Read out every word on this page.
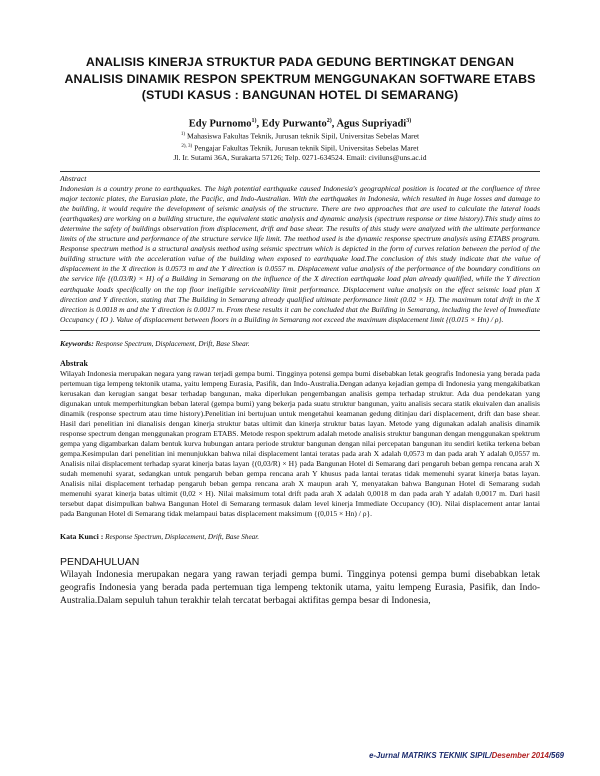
ANALISIS KINERJA STRUKTUR PADA GEDUNG BERTINGKAT DENGAN ANALISIS DINAMIK RESPON SPEKTRUM MENGGUNAKAN SOFTWARE ETABS (STUDI KASUS : BANGUNAN HOTEL DI SEMARANG)
Edy Purnomo$^{1)}$, Edy Purwanto$^{2)}$, Agus Supriyadi$^{3)}$
$^{1)}$ Mahasiswa Fakultas Teknik, Jurusan teknik Sipil, Universitas Sebelas Maret
$^{2), 3)}$ Pengajar Fakultas Teknik, Jurusan teknik Sipil, Universitas Sebelas Maret
Jl. Ir. Sutami 36A, Surakarta 57126; Telp. 0271-634524. Email: civiluns@uns.ac.id
Abstract

Indonesian is a country prone to earthquakes. The high potential earthquake caused Indonesia's geographical position is located at the confluence of three major tectonic plates, the Eurasian plate, the Pacific, and Indo-Australian. With the earthquakes in Indonesia, which resulted in huge losses and damage to the building, it would require the development of seismic analysis of the structure. There are two approaches that are used to calculate the lateral loads (earthquakes) are working on a building structure, the equivalent static analysis and dynamic analysis (spectrum response or time history).This study aims to determine the safety of buildings observation from displacement, drift and base shear. The results of this study were analyzed with the ultimate performance limits of the structure and performance of the structure service life limit. The method used is the dynamic response spectrum analysis using ETABS program. Response spectrum method is a structural analysis method using seismic spectrum which is depicted in the form of curves relation between the period of the building structure with the acceleration value of the building when exposed to earthquake load.The conclusion of this study indicate that the value of displacement in the X direction is 0.0573 m and the Y direction is 0.0557 m. Displacement value analysis of the performance of the boundary conditions on the service life {(0.03/R) × H} of a Building in Semarang on the influence of the X direction earthquake load plan already qualified, while the Y direction earthquake loads specifically on the top floor ineligible serviceability limit performance. Displacement value analysis on the effect seismic load plan X direction and Y direction, stating that The Building in Semarang already qualified ultimate performance limit (0.02 × H). The maximum total drift in the X direction is 0.0018 m and the Y direction is 0.0017 m. From these results it can be concluded that the Building in Semarang, including the level of Immediate Occupancy ( IO ). Value of displacement between floors in a Building in Semarang not exceed the maximum displacement limit {(0.015 × Hn) / ρ}.

Keywords: Response Spectrum, Displacement, Drift, Base Shear.
Abstrak

Wilayah Indonesia merupakan negara yang rawan terjadi gempa bumi. Tingginya potensi gempa bumi disebabkan letak geografis Indonesia yang berada pada pertemuan tiga lempeng tektonik utama, yaitu lempeng Eurasia, Pasifik, dan Indo-Australia.Dengan adanya kejadian gempa di Indonesia yang mengakibatkan kerusakan dan kerugian sangat besar terhadap bangunan, maka diperlukan pengembangan analisis gempa terhadap struktur. Ada dua pendekatan yang digunakan untuk memperhitungkan beban lateral (gempa bumi) yang bekerja pada suatu struktur bangunan, yaitu analisis secara statik ekuivalen dan analisis dinamik (response spectrum atau time history).Penelitian ini bertujuan untuk mengetahui keamanan gedung ditinjau dari displacement, drift dan base shear. Hasil dari penelitian ini dianalisis dengan kinerja struktur batas ultimit dan kinerja struktur batas layan. Metode yang digunakan adalah analisis dinamik response spectrum dengan menggunakan program ETABS. Metode respon spektrum adalah metode analisis struktur bangunan dengan menggunakan spektrum gempa yang digambarkan dalam bentuk kurva hubungan antara periode struktur bangunan dengan nilai percepatan bangunan itu sendiri ketika terkena beban gempa.Kesimpulan dari penelitian ini menunjukkan bahwa nilai displacement lantai teratas pada arah X adalah 0,0573 m dan pada arah Y adalah 0,0557 m. Analisis nilai displacement terhadap syarat kinerja batas layan {(0,03/R) × H} pada Bangunan Hotel di Semarang dari pengaruh beban gempa rencana arah X sudah memenuhi syarat, sedangkan untuk pengaruh beban gempa rencana arah Y khusus pada lantai teratas tidak memenuhi syarat kinerja batas layan. Analisis nilai displacement terhadap pengaruh beban gempa rencana arah X maupun arah Y, menyatakan bahwa Bangunan Hotel di Semarang sudah memenuhi syarat kinerja batas ultimit (0,02 × H). Nilai maksimum total drift pada arah X adalah 0,0018 m dan pada arah Y adalah 0,0017 m. Dari hasil tersebut dapat disimpulkan bahwa Bangunan Hotel di Semarang termasuk dalam level kinerja Immediate Occupancy (IO). Nilai displacement antar lantai pada Bangunan Hotel di Semarang tidak melampaui batas displacement maksimum {(0,015 × Hn) / ρ}.

Kata Kunci : Response Spectrum, Displacement, Drift, Base Shear.
PENDAHULUAN

Wilayah Indonesia merupakan negara yang rawan terjadi gempa bumi. Tingginya potensi gempa bumi disebabkan letak geografis Indonesia yang berada pada pertemuan tiga lempeng tektonik utama, yaitu lempeng Eurasia, Pasifik, dan Indo-Australia.Dalam sepuluh tahun terakhir telah tercatat berbagai aktifitas gempa besar di Indonesia,

e-Jurnal MATRIKS TEKNIK SIPIL/Desember 2014/569
